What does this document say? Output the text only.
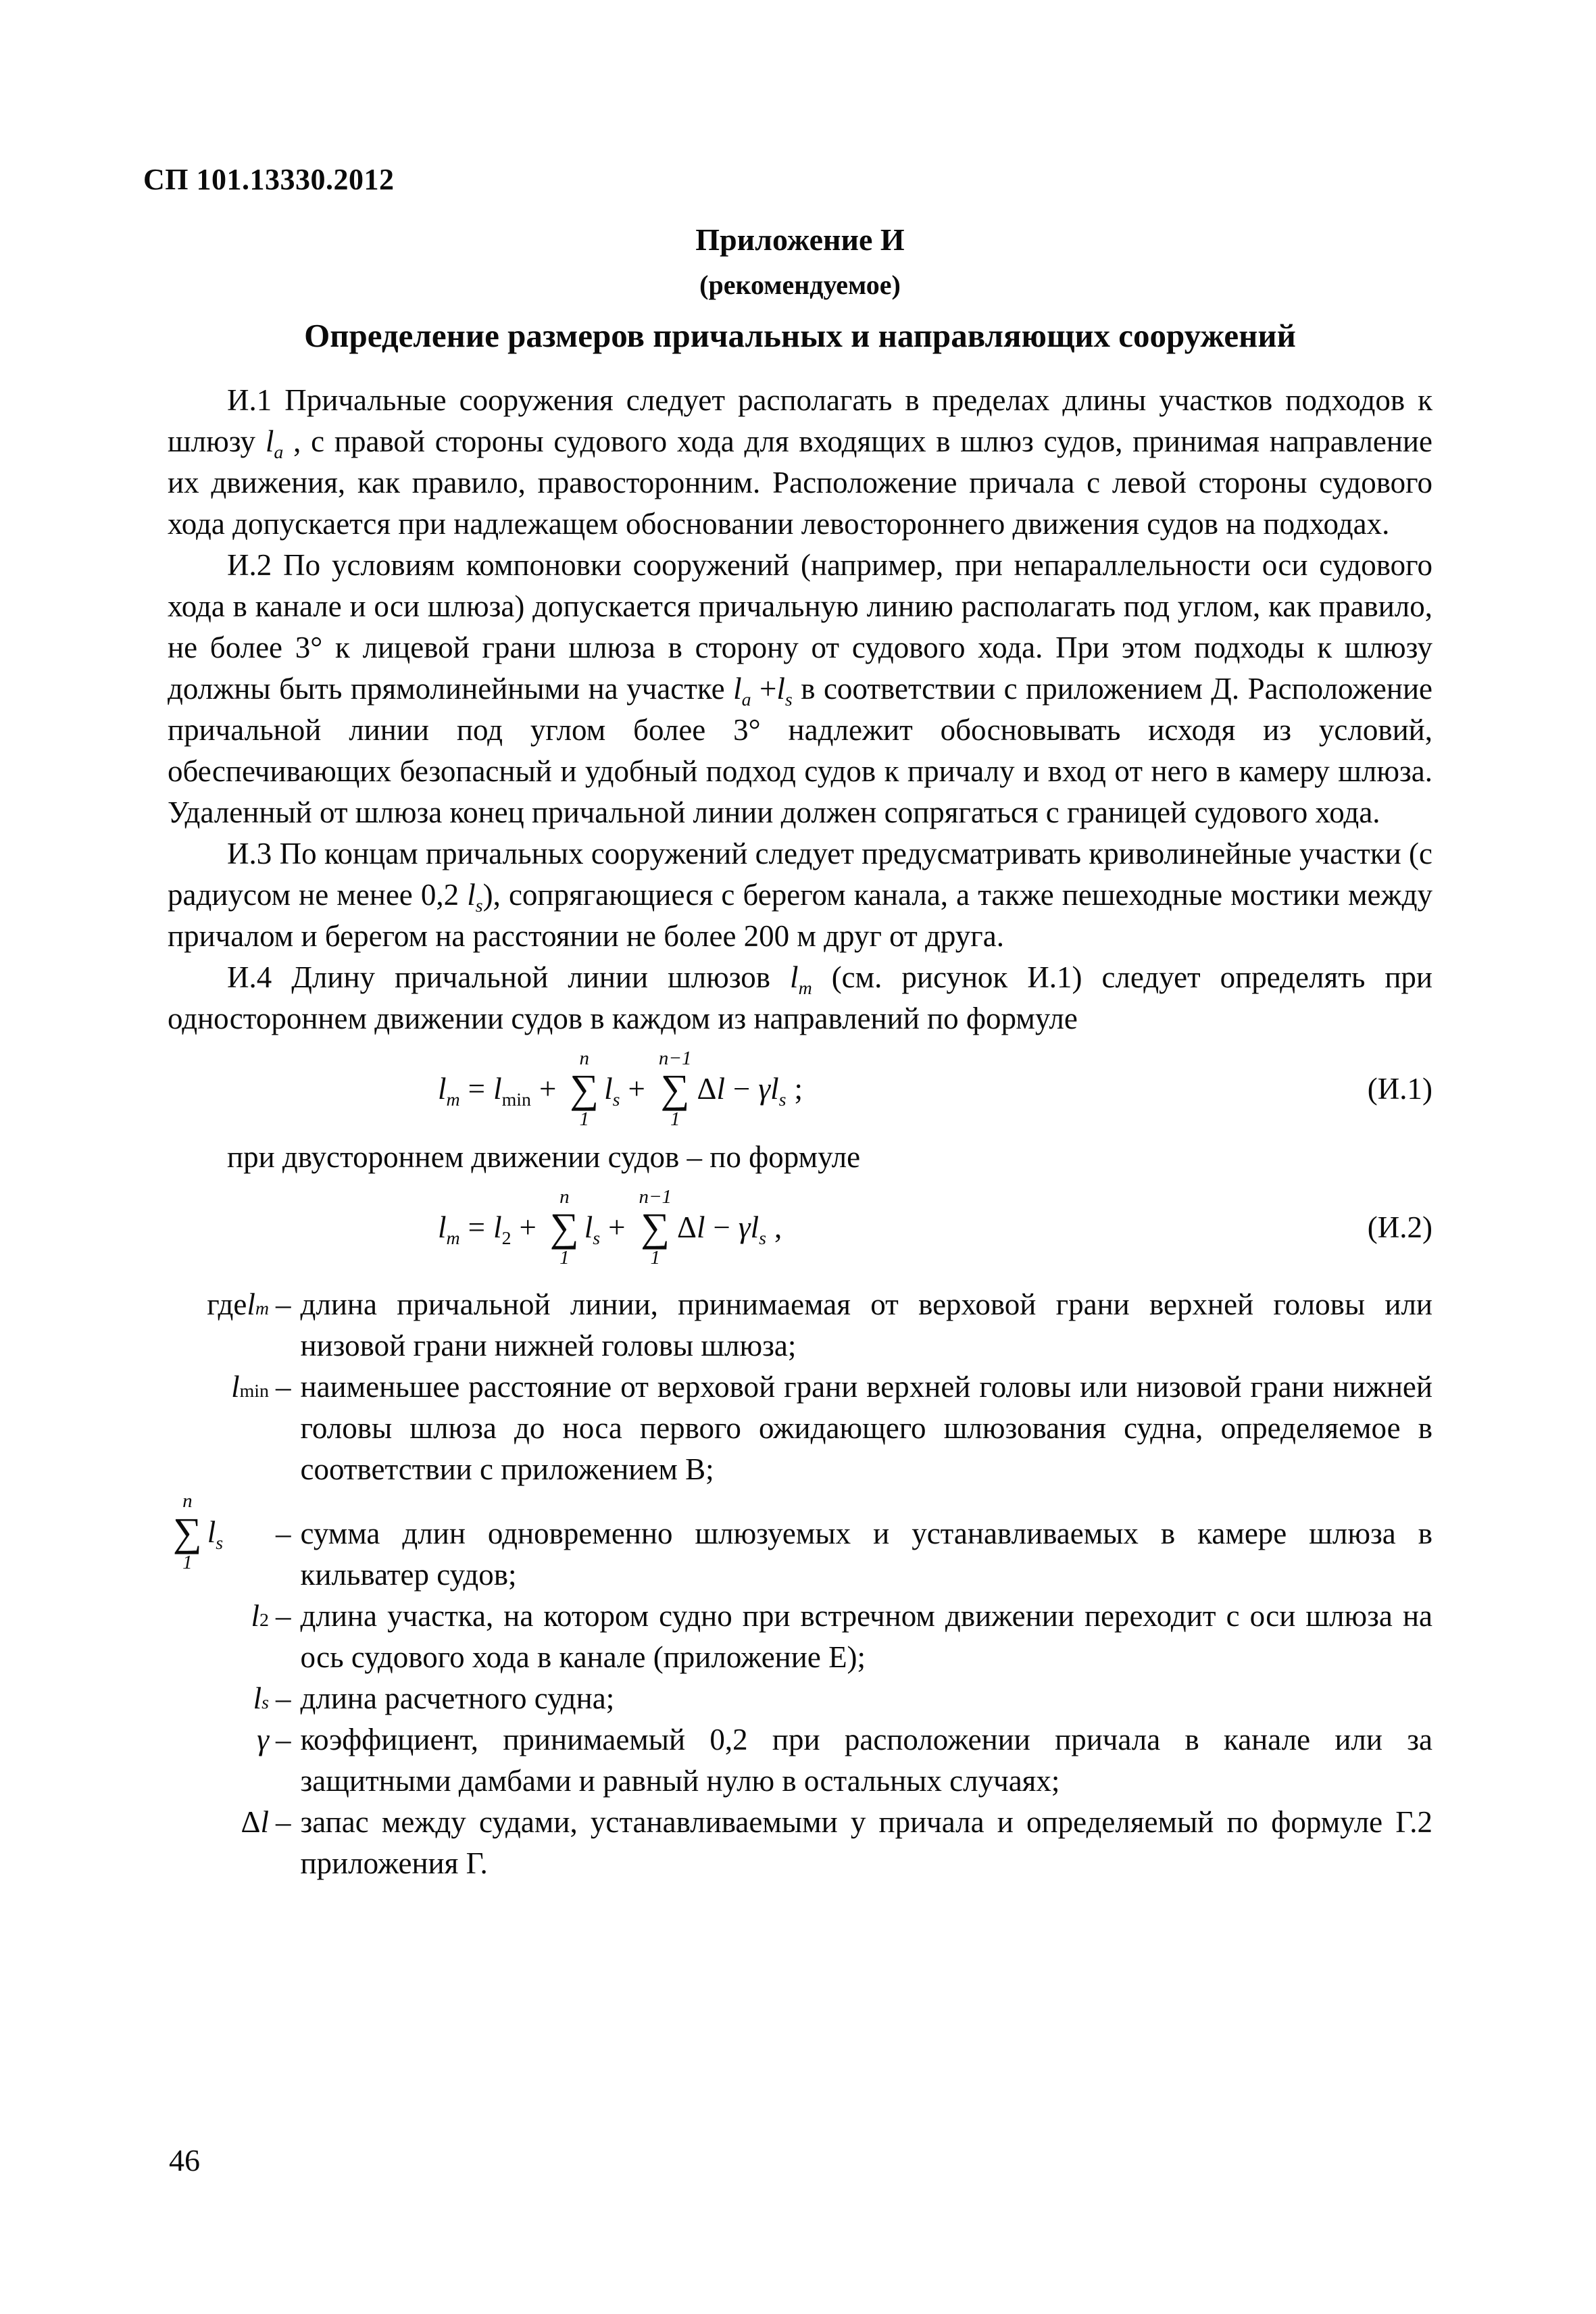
СП 101.13330.2012
Приложение И
(рекомендуемое)
Определение размеров причальных и направляющих сооружений

И.1 Причальные сооружения следует располагать в пределах длины участков подходов к шлюзу $l_a$ , с правой стороны судового хода для входящих в шлюз судов, принимая направление их движения, как правило, правосторонним. Расположение причала с левой стороны судового хода допускается при надлежащем обосновании левостороннего движения судов на подходах.

И.2 По условиям компоновки сооружений (например, при непараллельности оси судового хода в канале и оси шлюза) допускается причальную линию располагать под углом, как правило, не более 3° к лицевой грани шлюза в сторону от судового хода. При этом подходы к шлюзу должны быть прямолинейными на участке $l_a +l_s$ в соответствии с приложением Д. Расположение причальной линии под углом более 3° надлежит обосновывать исходя из условий, обеспечивающих безопасный и удобный подход судов к причалу и вход от него в камеру шлюза. Удаленный от шлюза конец причальной линии должен сопрягаться с границей судового хода.

И.3 По концам причальных сооружений следует предусматривать криволинейные участки (с радиусом не менее 0,2 $l_s$), сопрягающиеся с берегом канала, а также пешеходные мостики между причалом и берегом на расстоянии не более 200 м друг от друга.

И.4 Длину причальной линии шлюзов $l_m$ (см. рисунок И.1) следует определять при одностороннем движении судов в каждом из направлений по формуле

$l_m = l_{min}$ +
n
∑
1
$l_s$ +
n−1
∑
1
$\Delta l - \gamma l_s$ ;	(И.1)

при двустороннем движении судов – по формуле

$l_m = l_2$ +
n
∑
1
$l_s$ +
n−1
∑
1
$\Delta l - \gamma l_s$ ,	(И.2)
где l m – длина причальной линии, принимаемая от верховой грани верхней головы или низовой грани нижней головы шлюза;
l min – наименьшее расстояние от верховой грани верхней головы или низовой грани нижней головы шлюза до носа первого ожидающего шлюзования судна, определяемое в соответствии с приложением В;
n
∑
1
$l_s$ – сумма длин одновременно шлюзуемых и устанавливаемых в камере шлюза в кильватер судов;
l 2 – длина участка, на котором судно при встречном движении переходит с оси шлюза на ось судового хода в канале (приложение Е);
l s – длина расчетного судна;
γ – коэффициент, принимаемый 0,2 при расположении причала в канале или за защитными дамбами и равный нулю в остальных случаях;
Δ l – запас между судами, устанавливаемыми у причала и определяемый по формуле Г.2 приложения Г.
46
